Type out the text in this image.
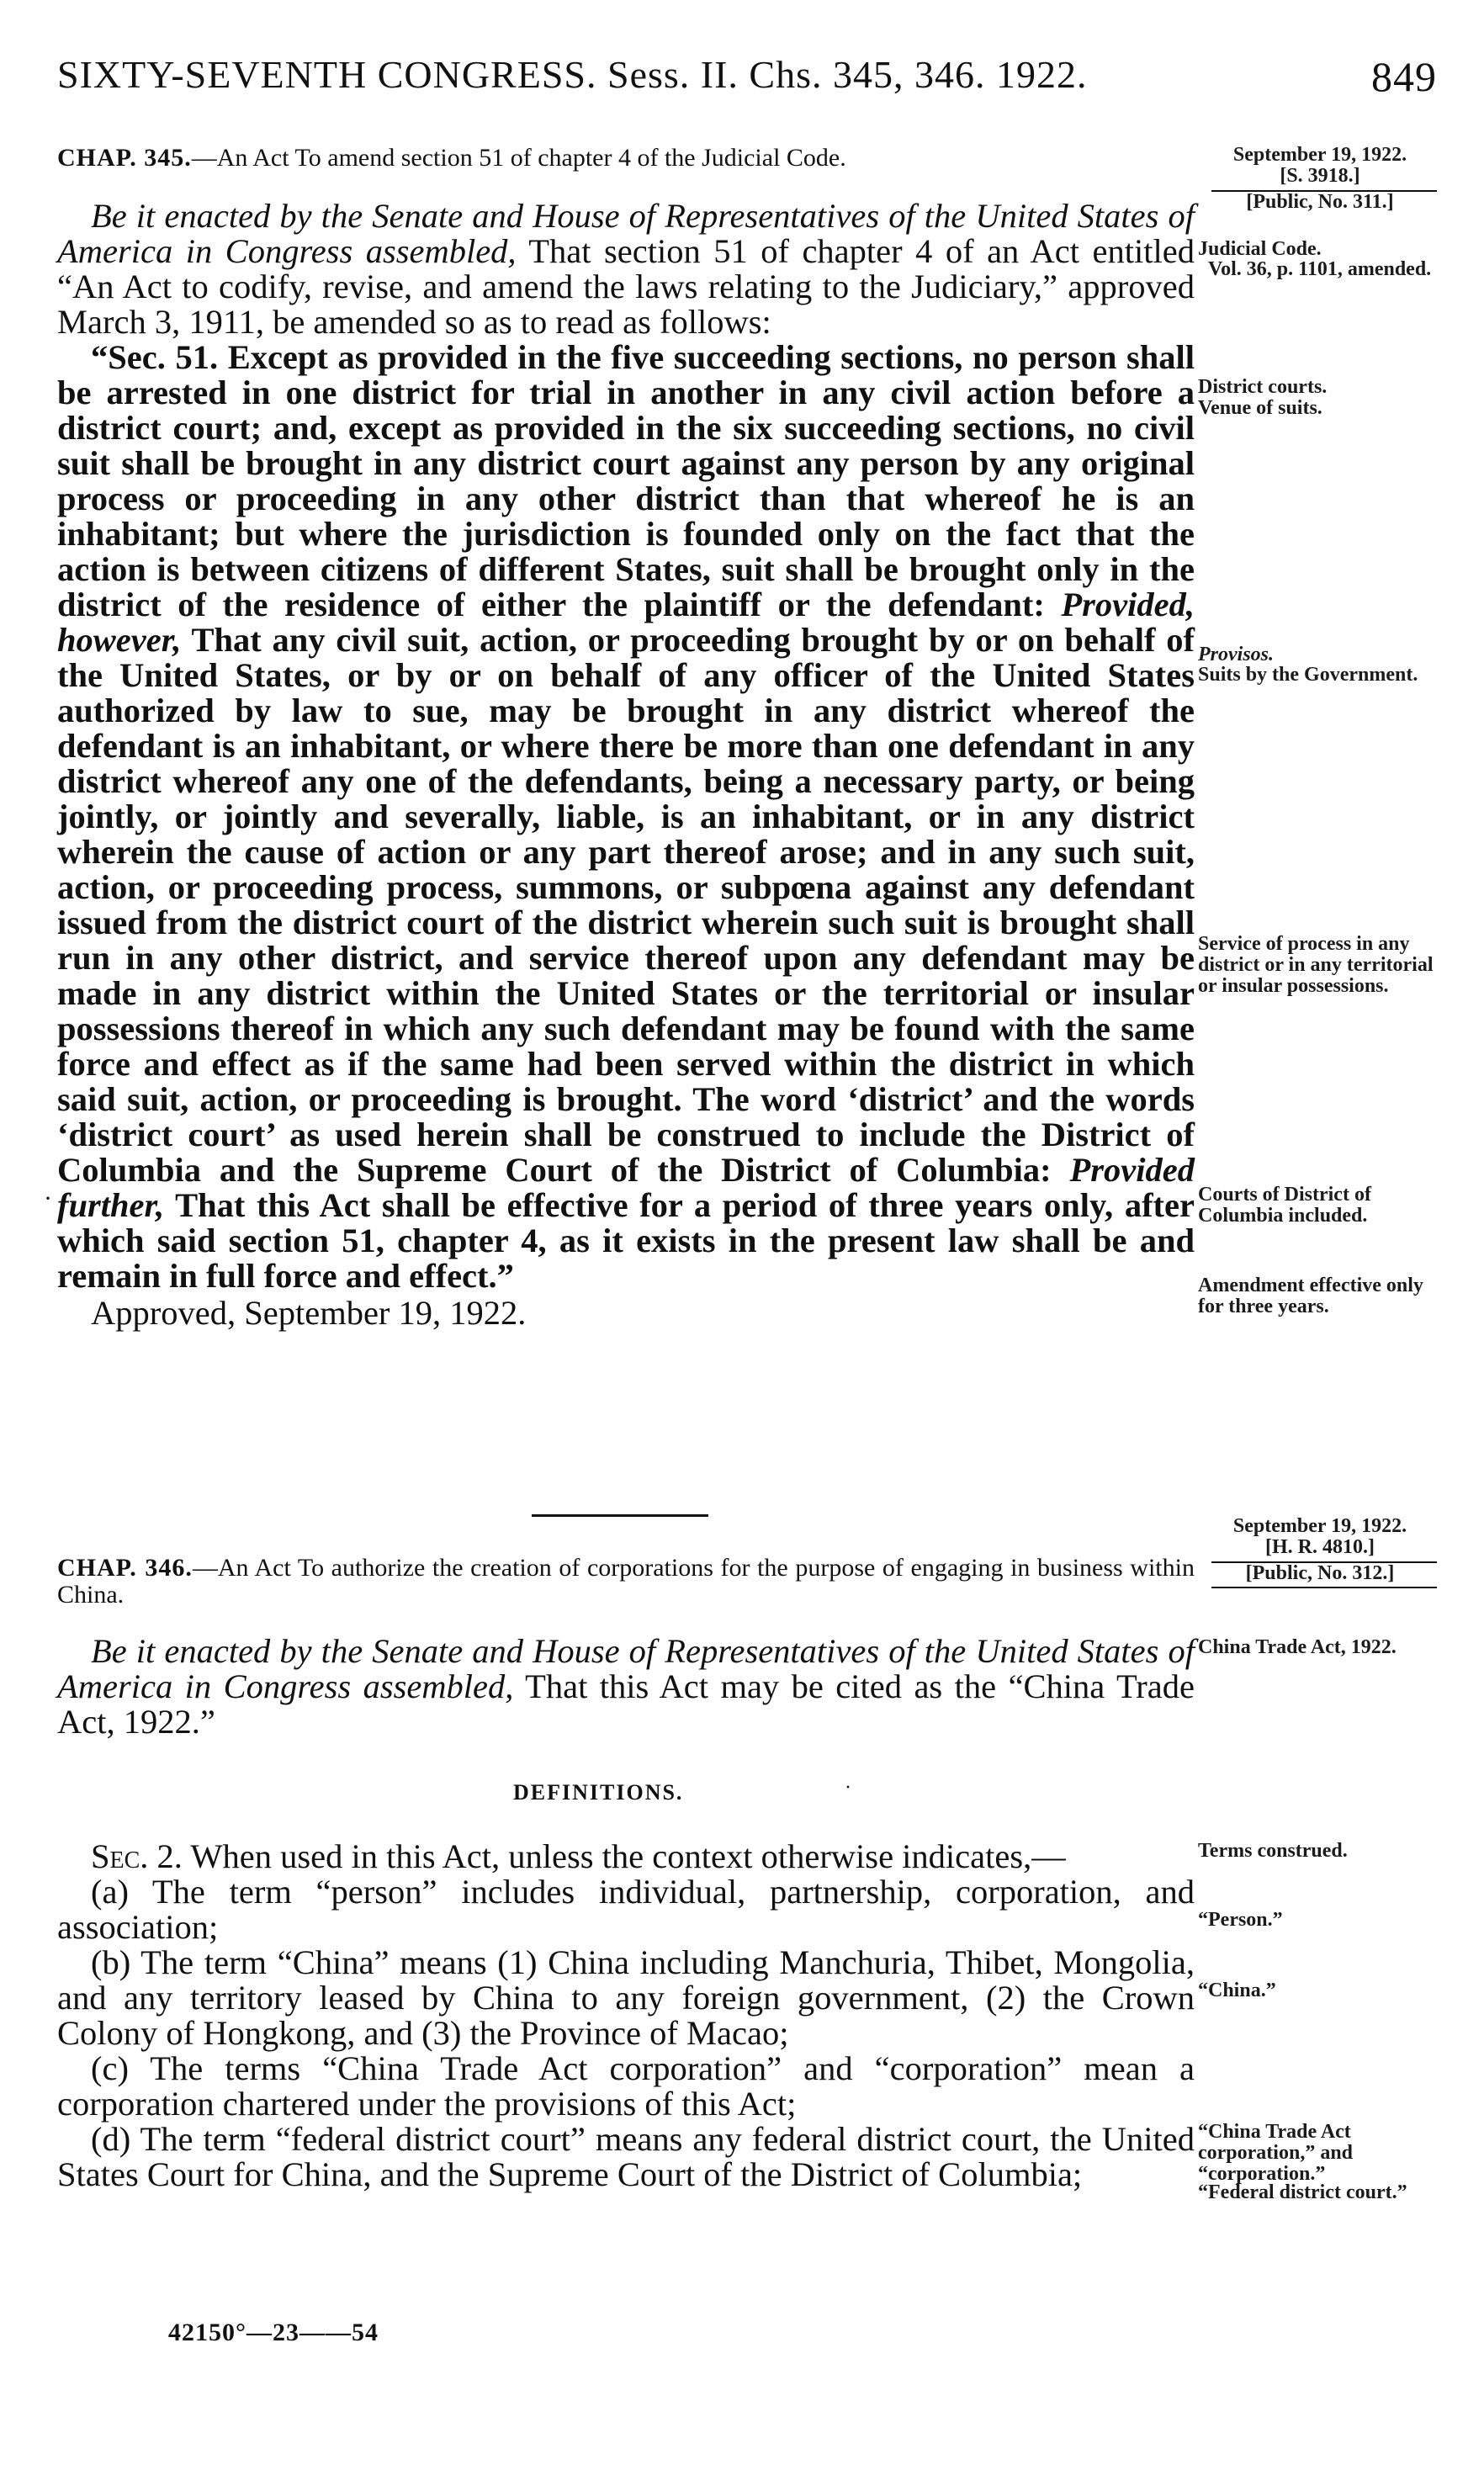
SIXTY-SEVENTH CONGRESS. Sess. II. Chs. 345, 346. 1922.	849
CHAP. 345.—An Act To amend section 51 of chapter 4 of the Judicial Code.

Be it enacted by the Senate and House of Representatives of the United States of America in Congress assembled, That section 51 of chapter 4 of an Act entitled “An Act to codify, revise, and amend the laws relating to the Judiciary,” approved March 3, 1911, be amended so as to read as follows:

“Sec. 51. Except as provided in the five succeeding sections, no person shall be arrested in one district for trial in another in any civil action before a district court; and, except as provided in the six succeeding sections, no civil suit shall be brought in any district court against any person by any original process or proceeding in any other district than that whereof he is an inhabitant; but where the jurisdiction is founded only on the fact that the action is between citizens of different States, suit shall be brought only in the district of the residence of either the plaintiff or the defendant: Provided, however, That any civil suit, action, or proceeding brought by or on behalf of the United States, or by or on behalf of any officer of the United States authorized by law to sue, may be brought in any district whereof the defendant is an inhabitant, or where there be more than one defendant in any district whereof any one of the defendants, being a necessary party, or being jointly, or jointly and severally, liable, is an inhabitant, or in any district wherein the cause of action or any part thereof arose; and in any such suit, action, or proceeding process, summons, or subpœna against any defendant issued from the district court of the district wherein such suit is brought shall run in any other district, and service thereof upon any defendant may be made in any district within the United States or the territorial or insular possessions thereof in which any such defendant may be found with the same force and effect as if the same had been served within the district in which said suit, action, or proceeding is brought. The word ‘district’ and the words ‘district court’ as used herein shall be construed to include the District of Columbia and the Supreme Court of the District of Columbia: Provided further, That this Act shall be effective for a period of three years only, after which said section 51, chapter 4, as it exists in the present law shall be and remain in full force and effect.”

Approved, September 19, 1922.

CHAP. 346.—An Act To authorize the creation of corporations for the purpose of engaging in business within China.

Be it enacted by the Senate and House of Representatives of the United States of America in Congress assembled, That this Act may be cited as the “China Trade Act, 1922.”

DEFINITIONS.	·

Sec. 2. When used in this Act, unless the context otherwise indicates,—

(a) The term “person” includes individual, partnership, corporation, and association;

(b) The term “China” means (1) China including Manchuria, Thibet, Mongolia, and any territory leased by China to any foreign government, (2) the Crown Colony of Hongkong, and (3) the Province of Macao;

(c) The terms “China Trade Act corporation” and “corporation” mean a corporation chartered under the provisions of this Act;

(d) The term “federal district court” means any federal district court, the United States Court for China, and the Supreme Court of the District of Columbia;

42150°—23——54
·
September 19, 1922.
[S. 3918.]
[Public, No. 311.]
Judicial Code.
Vol. 36, p. 1101, amended.
District courts. Venue of suits.
Provisos.
Suits by the Government.
Service of process in any district or in any territorial or insular possessions.
Courts of District of Columbia included.
Amendment effective only for three years.
September 19, 1922.
[H. R. 4810.]
[Public, No. 312.]
China Trade Act, 1922.
Terms construed.
“Person.”
“China.”
“China Trade Act corporation,” and “corporation.”
“Federal district court.”
